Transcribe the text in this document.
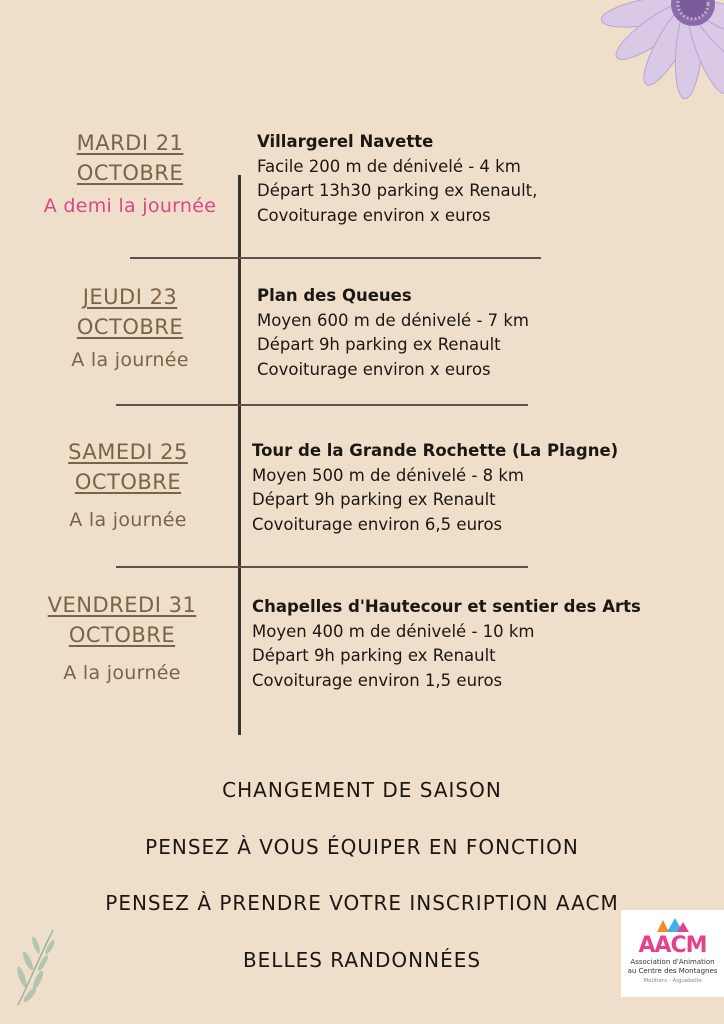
MARDI 21
OCTOBRE
A demi la journée
Villargerel Navette
Facile 200 m de dénivelé - 4 km
Départ 13h30 parking ex Renault,
Covoiturage environ x euros
JEUDI 23
OCTOBRE
A la journée
Plan des Queues
Moyen 600 m de dénivelé - 7 km
Départ 9h parking ex Renault
Covoiturage environ x euros
SAMEDI 25
OCTOBRE
A la journée
Tour de la Grande Rochette (La Plagne)
Moyen 500 m de dénivelé - 8 km
Départ 9h parking ex Renault
Covoiturage environ 6,5 euros
VENDREDI 31
OCTOBRE
A la journée
Chapelles d'Hautecour et sentier des Arts
Moyen 400 m de dénivelé - 10 km
Départ 9h parking ex Renault
Covoiturage environ 1,5 euros
CHANGEMENT DE SAISON
PENSEZ À VOUS ÉQUIPER EN FONCTION
PENSEZ À PRENDRE VOTRE INSCRIPTION AACM
BELLES RANDONNÉES
AACM
Association d'Animation
au Centre des Montagnes
Moûtiers - Aiguebelle
